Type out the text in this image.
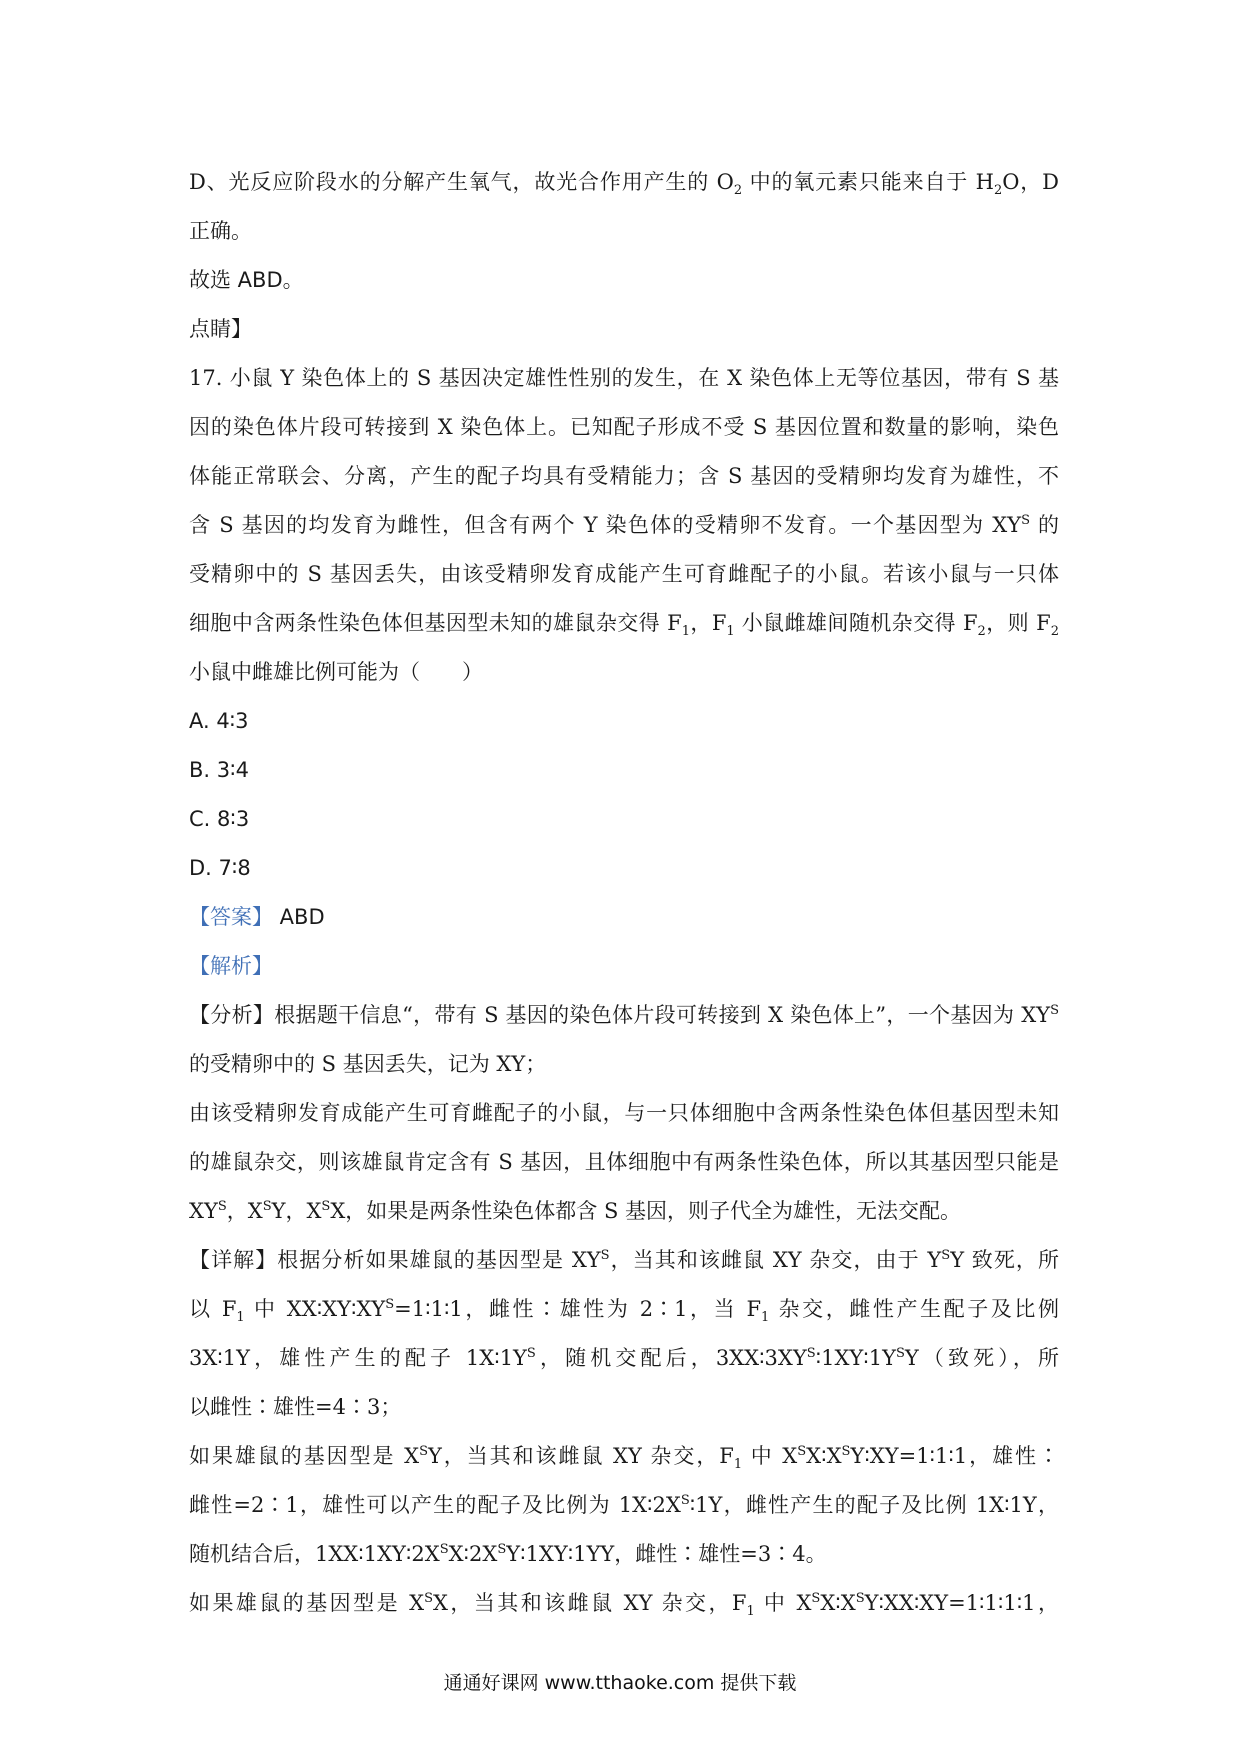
D、光反应阶段水的分解产生氧气，故光合作用产生的 $O_2$ 中的氧元素只能来自于 $H_2O$，D

正确。

故选 ABD。

点睛】

17. 小鼠 Y 染色体上的 S 基因决定雄性性别的发生，在 X 染色体上无等位基因，带有 S 基

因的染色体片段可转接到 X 染色体上。已知配子形成不受 S 基因位置和数量的影响，染色

体能正常联会、分离，产生的配子均具有受精能力；含 S 基因的受精卵均发育为雄性，不

含 S 基因的均发育为雌性，但含有两个 Y 染色体的受精卵不发育。一个基因型为 $XY^S$ 的

受精卵中的 S 基因丢失，由该受精卵发育成能产生可育雌配子的小鼠。若该小鼠与一只体

细胞中含两条性染色体但基因型未知的雄鼠杂交得 $F_1$，$F_1$ 小鼠雌雄间随机杂交得 $F_2$，则 $F_2$

小鼠中雌雄比例可能为（　　）

A. 4∶3

B. 3∶4

C. 8∶3

D. 7∶8

【答案】 ABD

【解析】

【分析】根据题干信息“，带有 S 基因的染色体片段可转接到 X 染色体上”，一个基因为 $XY^S$

的受精卵中的 S 基因丢失，记为 XY；

由该受精卵发育成能产生可育雌配子的小鼠，与一只体细胞中含两条性染色体但基因型未知

的雄鼠杂交，则该雄鼠肯定含有 S 基因，且体细胞中有两条性染色体，所以其基因型只能是

$XY^S$，$X^SY$，$X^SX$，如果是两条性染色体都含 S 基因，则子代全为雄性，无法交配。

【详解】根据分析如果雄鼠的基因型是 $XY^S$，当其和该雌鼠 XY 杂交，由于 $Y^SY$ 致死，所

以 $F_1$ 中 $XX∶XY∶XY^S=1∶1∶1$，雌性∶雄性为 2∶1，当 $F_1$ 杂交，雌性产生配子及比例

3X∶1Y，雄性产生的配子 $1X∶1Y^S$，随机交配后，$3XX∶3XY^S∶1XY∶1Y^SY$（致死），所

以雌性∶雄性=4∶3；

如果雄鼠的基因型是 $X^SY$，当其和该雌鼠 XY 杂交，$F_1$ 中 $X^SX∶X^SY∶XY=1∶1∶1$，雄性∶

雌性=2∶1，雄性可以产生的配子及比例为 $1X∶2X^S∶1Y$，雌性产生的配子及比例 1X∶1Y，

随机结合后，$1XX∶1XY∶2X^SX∶2X^SY∶1XY∶1YY$，雌性∶雄性=3∶4。

如果雄鼠的基因型是 $X^SX$，当其和该雌鼠 XY 杂交，$F_1$ 中 $X^SX∶X^SY∶XX∶XY=1∶1∶1∶1$，

通通好课网 www.tthaoke.com 提供下载
